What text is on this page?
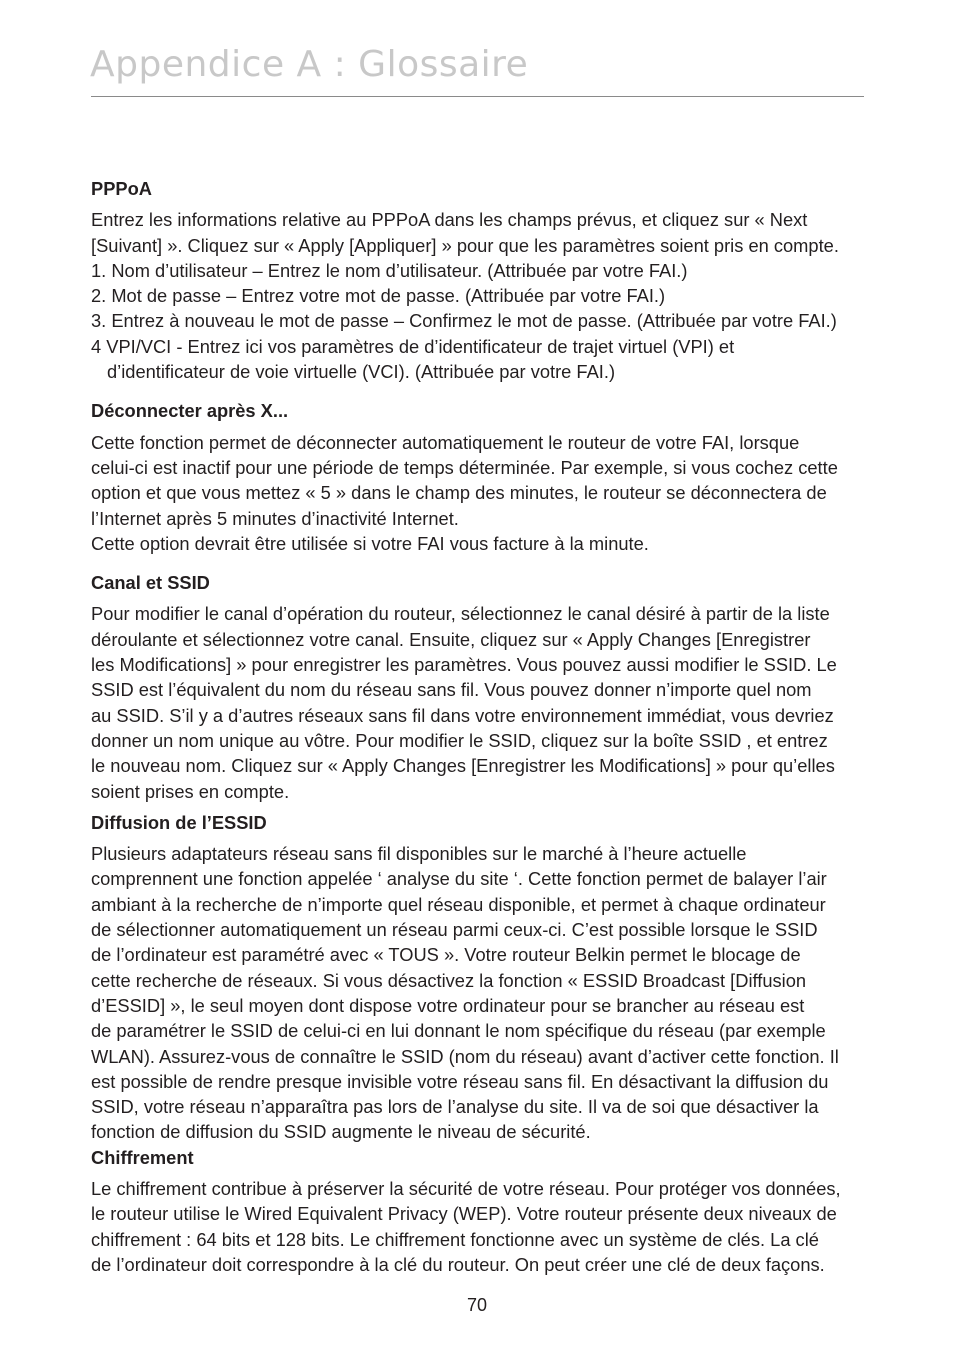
Appendice A : Glossaire

PPPoA

Entrez les informations relative au PPPoA dans les champs prévus, et cliquez sur « Next

[Suivant] ». Cliquez sur « Apply [Appliquer] » pour que les paramètres soient pris en compte.

1. Nom d’utilisateur – Entrez le nom d’utilisateur. (Attribuée par votre FAI.)

2. Mot de passe – Entrez votre mot de passe. (Attribuée par votre FAI.)

3. Entrez à nouveau le mot de passe – Confirmez le mot de passe. (Attribuée par votre FAI.)

4 VPI/VCI - Entrez ici vos paramètres de d’identificateur de trajet virtuel (VPI) et

d’identificateur de voie virtuelle (VCI). (Attribuée par votre FAI.)

Déconnecter après X...

Cette fonction permet de déconnecter automatiquement le routeur de votre FAI, lorsque

celui-ci est inactif pour une période de temps déterminée. Par exemple, si vous cochez cette

option et que vous mettez « 5 » dans le champ des minutes, le routeur se déconnectera de

l’Internet après 5 minutes d’inactivité Internet.

Cette option devrait être utilisée si votre FAI vous facture à la minute.

Canal et SSID

Pour modifier le canal d’opération du routeur, sélectionnez le canal désiré à partir de la liste

déroulante et sélectionnez votre canal. Ensuite, cliquez sur « Apply Changes [Enregistrer

les Modifications] » pour enregistrer les paramètres. Vous pouvez aussi modifier le SSID. Le

SSID est l’équivalent du nom du réseau sans fil. Vous pouvez donner n’importe quel nom

au SSID. S’il y a d’autres réseaux sans fil dans votre environnement immédiat, vous devriez

donner un nom unique au vôtre. Pour modifier le SSID, cliquez sur la boîte SSID , et entrez

le nouveau nom. Cliquez sur « Apply Changes [Enregistrer les Modifications] » pour qu’elles

soient prises en compte.

Diffusion de l’ESSID

Plusieurs adaptateurs réseau sans fil disponibles sur le marché à l’heure actuelle

comprennent une fonction appelée ‘ analyse du site ‘. Cette fonction permet de balayer l’air

ambiant à la recherche de n’importe quel réseau disponible, et permet à chaque ordinateur

de sélectionner automatiquement un réseau parmi ceux-ci. C’est possible lorsque le SSID

de l’ordinateur est paramétré avec « TOUS ». Votre routeur Belkin permet le blocage de

cette recherche de réseaux. Si vous désactivez la fonction « ESSID Broadcast [Diffusion

d’ESSID] », le seul moyen dont dispose votre ordinateur pour se brancher au réseau est

de paramétrer le SSID de celui-ci en lui donnant le nom spécifique du réseau (par exemple

WLAN). Assurez-vous de connaître le SSID (nom du réseau) avant d’activer cette fonction. Il

est possible de rendre presque invisible votre réseau sans fil. En désactivant la diffusion du

SSID, votre réseau n’apparaîtra pas lors de l’analyse du site. Il va de soi que désactiver la

fonction de diffusion du SSID augmente le niveau de sécurité.

Chiffrement

Le chiffrement contribue à préserver la sécurité de votre réseau. Pour protéger vos données,

le routeur utilise le Wired Equivalent Privacy (WEP). Votre routeur présente deux niveaux de

chiffrement : 64 bits et 128 bits. Le chiffrement fonctionne avec un système de clés. La clé

de l’ordinateur doit correspondre à la clé du routeur. On peut créer une clé de deux façons.

70
